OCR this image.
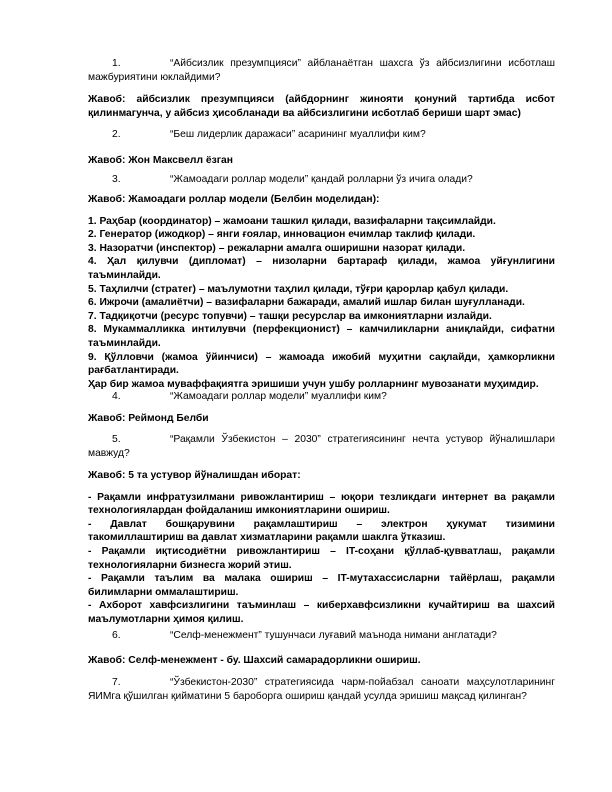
1.	“Айбсизлик презумпцияси” айбланаётган шахсга ўз айбсизлигини исботлаш
мажбуриятини юклайдими?
Жавоб: айбсизлик презумпцияси (айбдорнинг жинояти қонуний тартибда исбот
қилинмагунча, у айбсиз ҳисобланади ва айбсизлигини исботлаб бериши шарт эмас)
2.	“Беш лидерлик даражаси” асарининг муаллифи ким?
Жавоб: Жон Максвелл ёзган
3.	“Жамоадаги роллар модели” қандай ролларни ўз ичига олади?
Жавоб: Жамоадаги роллар модели (Белбин моделидан):
1. Раҳбар (координатор) – жамоани ташкил қилади, вазифаларни тақсимлайди.
2. Генератор (ижодкор) – янги ғоялар, инновацион ечимлар таклиф қилади.
3. Назоратчи (инспектор) – режаларни амалга оширишни назорат қилади.
4. Ҳал қилувчи (дипломат) – низоларни бартараф қилади, жамоа уйғунлигини
таъминлайди.
5. Таҳлилчи (стратег) – маълумотни таҳлил қилади, тўғри қарорлар қабул қилади.
6. Ижрочи (амалиётчи) – вазифаларни бажаради, амалий ишлар билан шуғулланади.
7. Тадқиқотчи (ресурс топувчи) – ташқи ресурслар ва имкониятларни излайди.
8. Мукаммалликка интилувчи (перфекционист) – камчиликларни аниқлайди, сифатни
таъминлайди.
9. Қўлловчи (жамоа ўйинчиси) – жамоада ижобий муҳитни сақлайди, ҳамкорликни
рағбатлантиради.
Ҳар бир жамоа муваффақиятга эришиши учун ушбу ролларнинг мувозанати муҳимдир.
4.	“Жамоадаги роллар модели” муаллифи ким?
Жавоб: Реймонд Белби
5.	“Рақамли Ўзбекистон – 2030” стратегиясининг нечта устувор йўналишлари
мавжуд?
Жавоб: 5 та устувор йўналишдан иборат:
- Рақамли инфратузилмани ривожлантириш – юқори тезликдаги интернет ва рақамли
технологиялардан фойдаланиш имкониятларини ошириш.
- Давлат бошқарувини рақамлаштириш – электрон ҳукумат тизимини
такомиллаштириш ва давлат хизматларини рақамли шаклга ўтказиш.
- Рақамли иқтисодиётни ривожлантириш – IT-соҳани қўллаб-қувватлаш, рақамли
технологияларни бизнесга жорий этиш.
- Рақамли таълим ва малака ошириш – IT-мутахассисларни тайёрлаш, рақамли
билимларни оммалаштириш.
- Ахборот хавфсизлигини таъминлаш – киберхавфсизликни кучайтириш ва шахсий
маълумотларни ҳимоя қилиш.
6.	“Селф-менежмент” тушунчаси луғавий маънода нимани англатади?
Жавоб: Селф-менежмент - бу. Шахсий самарадорликни ошириш.
7.	“Ўзбекистон-2030” стратегиясида чарм-пойабзал саноати маҳсулотларининг
ЯИМга қўшилган қийматини 5 бароборга ошириш қандай усулда эришиш мақсад қилинган?
